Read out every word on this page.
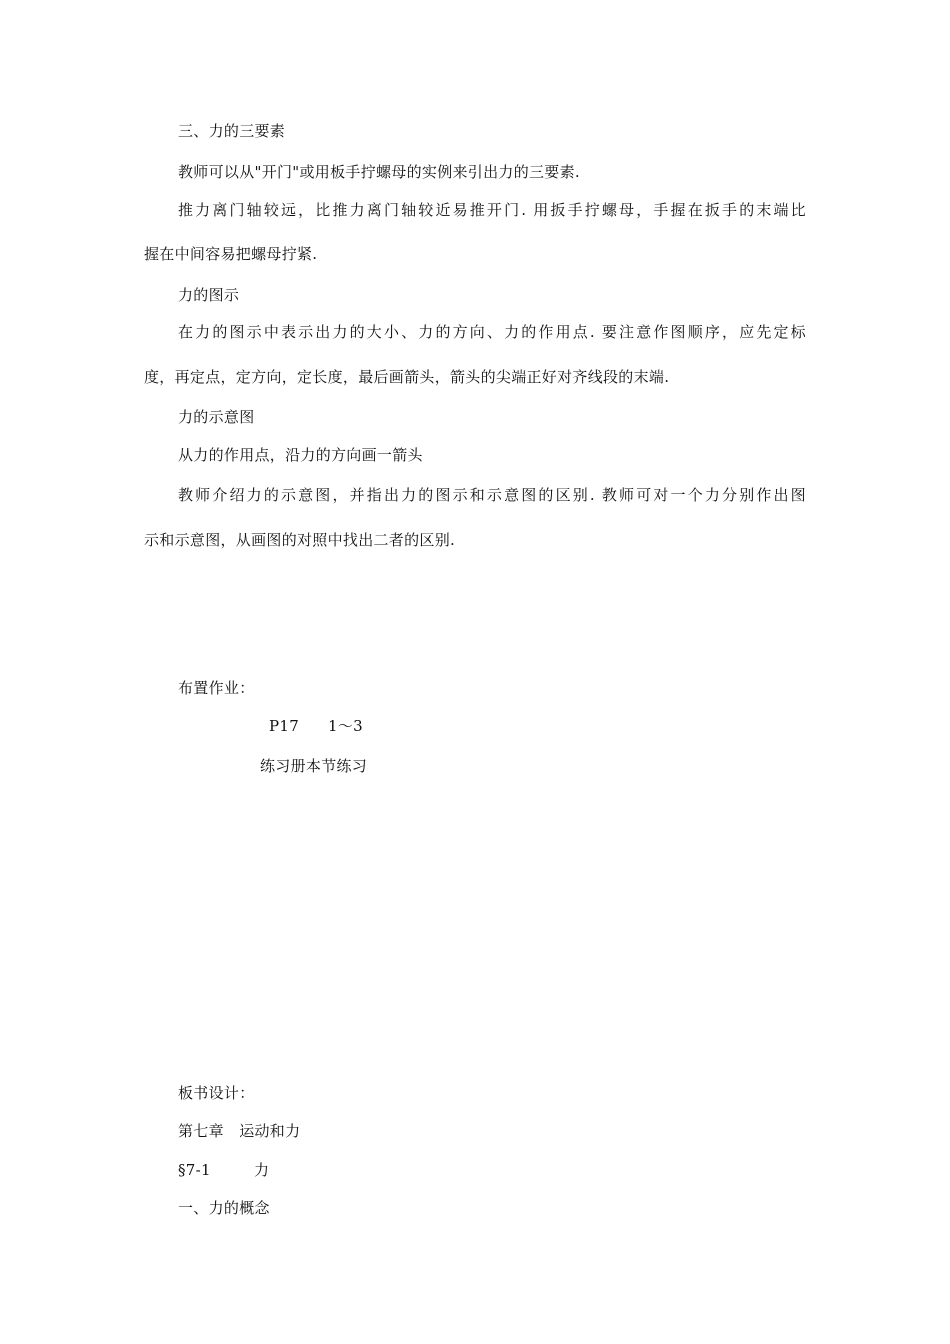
三、力的三要素
教师可以从"开门"或用板手拧螺母的实例来引出力的三要素.
推力离门轴较远，比推力离门轴较近易推开门. 用扳手拧螺母，手握在扳手的末端比
握在中间容易把螺母拧紧.
力的图示
在力的图示中表示出力的大小、力的方向、力的作用点. 要注意作图顺序，应先定标
度，再定点，定方向，定长度，最后画箭头，箭头的尖端正好对齐线段的末端.
力的示意图
从力的作用点，沿力的方向画一箭头
教师介绍力的示意图，并指出力的图示和示意图的区别. 教师可对一个力分别作出图
示和示意图，从画图的对照中找出二者的区别.
布置作业：
P17 1～3
练习册本节练习
板书设计：
第七章　运动和力
§7-1	力
一、力的概念
